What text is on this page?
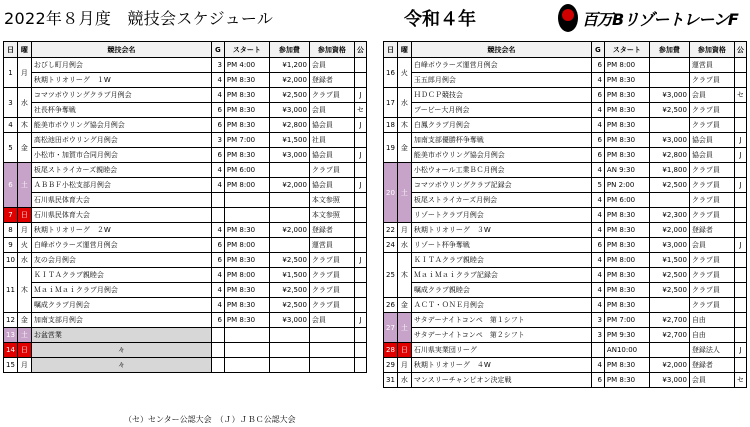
2022年８月度　競技会スケジュール	令和４年	百万BリゾートレーンF
日	曜	競技会名	G	スタート	参加費	参加資格	公
1	月	おびし町月例会	3	PM 4:00	¥1,200	会員	
		秋期トリオリーグ　１W	4	PM 8:30	¥2,000	登録者	
3	水	コマツボウリングクラブ月例会	4	PM 8:30	¥2,500	クラブ員	J
		社長杯争奪戦	6	PM 8:30	¥3,000	会員	セ
4	木	能美市ボウリング協会月例会	6	PM 8:30	¥2,800	協会員	J
5	金	高松池田ボウリング月例会	3	PM 7:00	¥1,500	社員	
		小松市・加賀市合同月例会	6	PM 8:30	¥3,000	協会員	J
6	土	板尾ストライカーズ親睦会	4	PM 6:00		クラブ員	
		ＡＢＢＦ小松支部月例会	4	PM 8:00	¥2,000	協会員	J
		石川県民体育大会				本文参照	
7	日	石川県民体育大会				本文参照	
8	月	秋期トリオリーグ　２W	4	PM 8:30	¥2,000	登録者	
9	火	白峰ボウラーズ運営月例会	6	PM 8:00		運営員	
10	水	友の会月例会	6	PM 8:30	¥2,500	クラブ員	J
11	木	ＫＩＴＡクラブ親睦会	4	PM 8:00	¥1,500	クラブ員	
		ＭａｉＭａｉクラブ月例会	4	PM 8:30	¥2,500	クラブ員	
		嘱成クラブ月例会	4	PM 8:30	¥2,500	クラブ員	
12	金	加南支部月例会	6	PM 8:30	¥3,000	会員	J
13	土	お盆営業					
14	日	々					
15	月	々					
日	曜	競技会名	G	スタート	参加費	参加資格	公
16	火	白峰ボウラーズ運営月例会	6	PM 8:00		運営員	
		玉五郎月例会	4	PM 8:30		クラブ員	
17	水	ＨＤＣＰ競技会	6	PM 8:30	¥3,000	会員	セ
		ブービー大月例会	4	PM 8:30	¥2,500	クラブ員	
18	木	白鳳クラブ月例会	4	PM 8:30		クラブ員	
19	金	加南支部優勝杯争奪戦	6	PM 8:30	¥3,000	協会員	J
		能美市ボウリング協会月例会	6	PM 8:30	¥2,800	協会員	J
20	土	小松ウォール工業ＢＣ月例会	4	AN 9:30	¥1,800	クラブ員	
		コマツボウリングクラブ記録会	5	PN 2:00	¥2,500	クラブ員	J
		板尾ストライカーズ月例会	4	PM 6:00		クラブ員	
		リゾートクラブ月例会	4	PM 8:30	¥2,300	クラブ員	
22	月	秋期トリオリーグ　３W	4	PM 8:30	¥2,000	登録者	
24	水	リゾート杯争奪戦	6	PM 8:30	¥3,000	会員	J
25	木	ＫＩＴＡクラブ親睦会	4	PM 8:00	¥1,500	クラブ員	
		ＭａｉＭａｉクラブ記録会	4	PM 8:30	¥2,500	クラブ員	
		嘱成クラブ親睦会	4	PM 8:30	¥2,500	クラブ員	
26	金	ＡＣＴ・ＯＮＥ月例会	4	PM 8:30		クラブ員	
27	土	サタデーナイトコンペ　第１シフト	3	PM 7:00	¥2,700	自由	
		サタデーナイトコンペ　第２シフト	3	PM 9:30	¥2,700	自由	
28	日	石川県実業団リーグ		AN10:00		登録法人	J
29	月	秋期トリオリーグ　４W	4	PM 8:30	¥2,000	登録者	
31	水	マンスリーチャンピオン決定戦	6	PM 8:30	¥3,000	会員	セ
（セ）センター公認大会　（Ｊ）ＪＢＣ公認大会
